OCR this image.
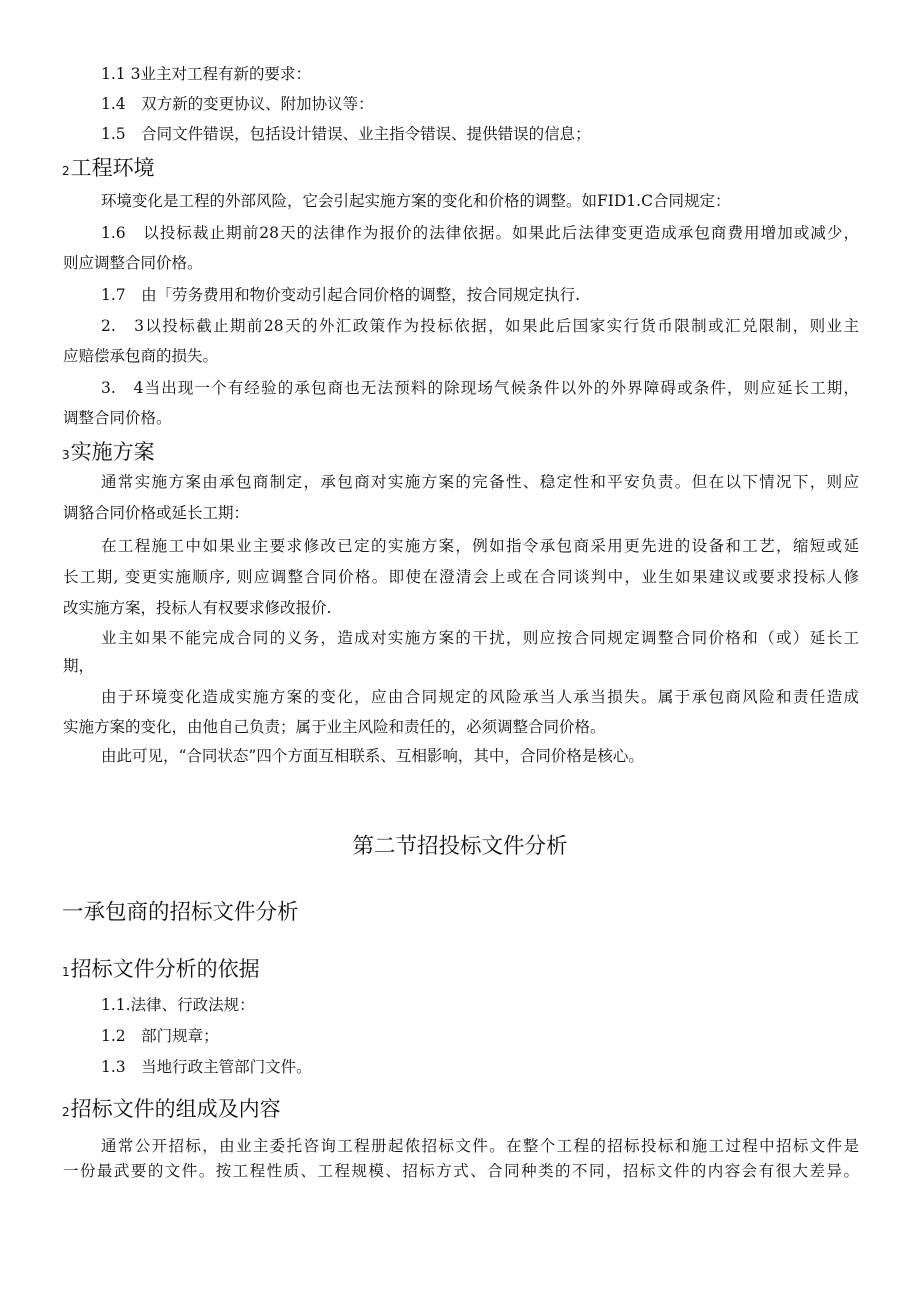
1.1 3业主对工程有新的要求：
1.4　双方新的变更协议、附加协议等：
1.5　合同文件错误，包括设计错误、业主指令错误、提供错误的信息；
2工程环境
环境变化是工程的外部风险，它会引起实施方案的变化和价格的调整。如FID1.C合同规定：
1.6　以投标裁止期前28天的法律作为报价的法律依据。如果此后法律变更造成承包商费用增加或减少，
则应调整合同价格。
1.7　由「劳务费用和物价变动引起合同价格的调整，按合同规定执行.
2.　3以投标截止期前28天的外汇政策作为投标依据，如果此后国家实行货币限制或汇兑限制，则业主
应赔偿承包商的损失。
3.　4当出现一个有经验的承包商也无法预料的除现场气候条件以外的外界障碍或条件，则应延长工期，
调整合同价格。
3实施方案
通常实施方案由承包商制定，承包商对实施方案的完备性、稳定性和平安负责。但在以下情况下，则应
调貉合同价格或延长工期：
在工程施工中如果业主要求修改已定的实施方案，例如指令承包商采用更先进的设备和工艺，缩短或延
长工期, 变更实施顺序, 则应调整合同价格。即使在澄清会上或在合同谈判中，业生如果建议或要求投标人修
改实施方案，投标人有权要求修改报价.
业主如果不能完成合同的义务，造成对实施方案的干扰，则应按合同规定调整合同价格和（或）延长工
期，
由于环境变化造成实施方案的变化，应由合同规定的风险承当人承当损失。属于承包商风险和责任造成
实施方案的变化，由他自己负责；属于业主风险和责任的，必须调整合同价格。
由此可见，“合同状态”四个方面互相联系、互相影响，其中，合同价格是核心。
第二节招投标文件分析
一承包商的招标文件分析
1招标文件分析的依据
1.1.法律、行政法规：
1.2　部门规章；
1.3　当地行政主管部门文件。
2招标文件的组成及内容
通常公开招标，由业主委托咨询工程册起侬招标文件。在整个工程的招标投标和施工过程中招标文件是
一份最武要的文件。按工程性质、工程规模、招标方式、合同种类的不同，招标文件的内容会有很大差异。
